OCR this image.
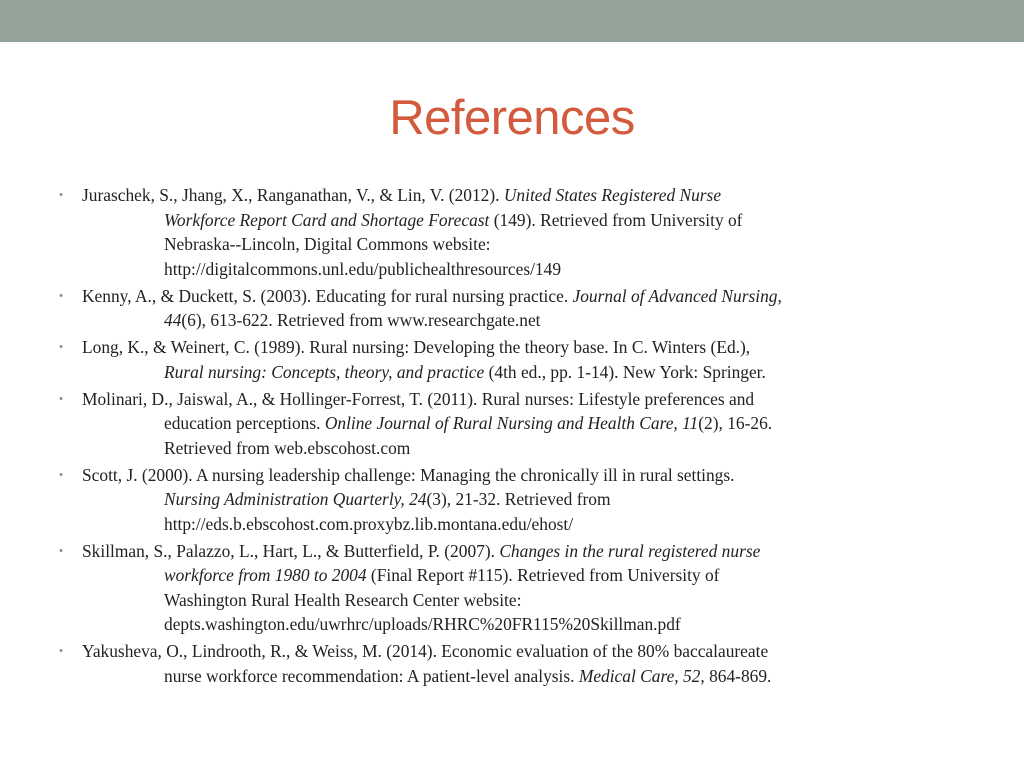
References
• Juraschek, S., Jhang, X., Ranganathan, V., & Lin, V. (2012). United States Registered Nurse
Workforce Report Card and Shortage Forecast (149). Retrieved from University of
Nebraska--Lincoln, Digital Commons website:
http://digitalcommons.unl.edu/publichealthresources/149
• Kenny, A., & Duckett, S. (2003). Educating for rural nursing practice. Journal of Advanced Nursing,
44(6), 613-622. Retrieved from www.researchgate.net
• Long, K., & Weinert, C. (1989). Rural nursing: Developing the theory base. In C. Winters (Ed.),
Rural nursing: Concepts, theory, and practice (4th ed., pp. 1-14). New York: Springer.
• Molinari, D., Jaiswal, A., & Hollinger-Forrest, T. (2011). Rural nurses: Lifestyle preferences and
education perceptions. Online Journal of Rural Nursing and Health Care, 11(2), 16-26.
Retrieved from web.ebscohost.com
• Scott, J. (2000). A nursing leadership challenge: Managing the chronically ill in rural settings.
Nursing Administration Quarterly, 24(3), 21-32. Retrieved from
http://eds.b.ebscohost.com.proxybz.lib.montana.edu/ehost/
• Skillman, S., Palazzo, L., Hart, L., & Butterfield, P. (2007). Changes in the rural registered nurse
workforce from 1980 to 2004 (Final Report #115). Retrieved from University of
Washington Rural Health Research Center website:
depts.washington.edu/uwrhrc/uploads/RHRC%20FR115%20Skillman.pdf
• Yakusheva, O., Lindrooth, R., & Weiss, M. (2014). Economic evaluation of the 80% baccalaureate
nurse workforce recommendation: A patient-level analysis. Medical Care, 52, 864-869.
